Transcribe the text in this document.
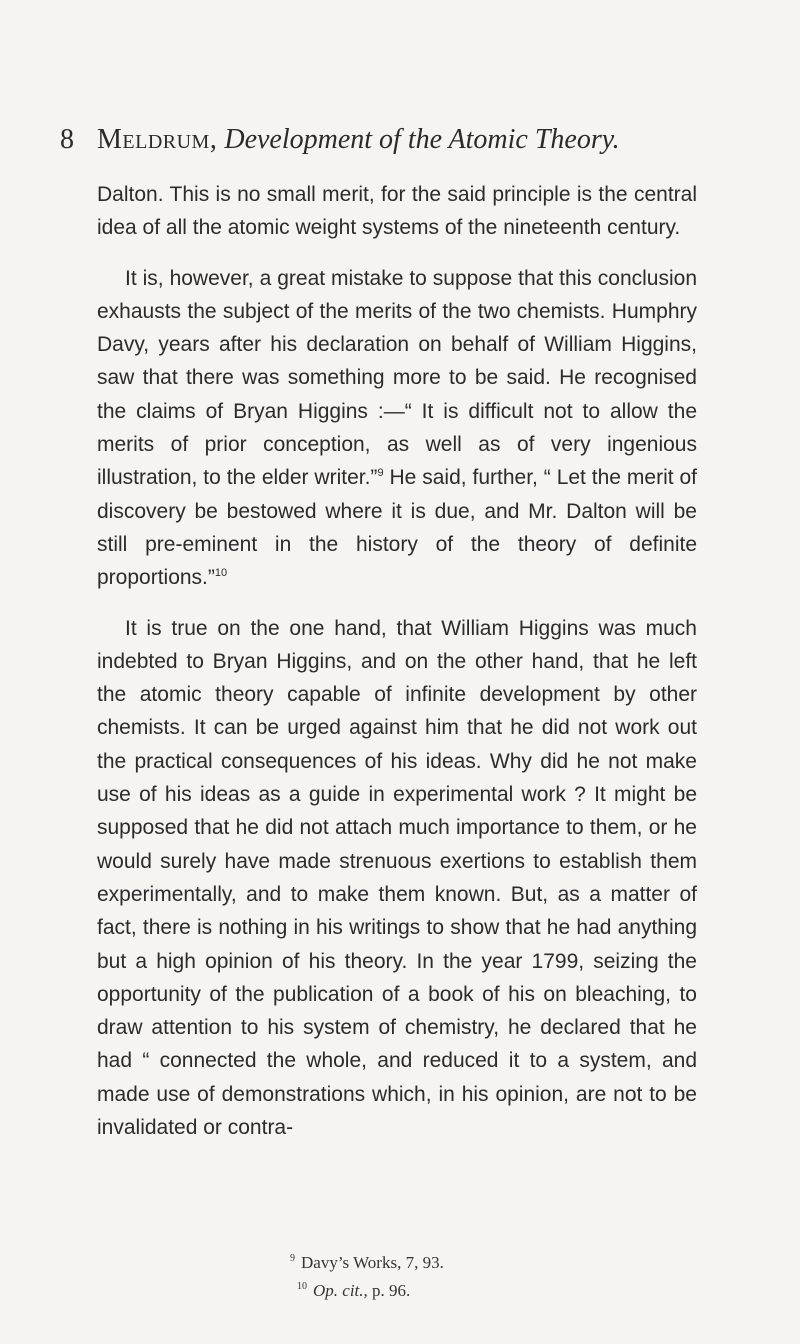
8 Meldrum, Development of the Atomic Theory.

Dalton. This is no small merit, for the said principle is the central idea of all the atomic weight systems of the nineteenth century.

It is, however, a great mistake to suppose that this conclusion exhausts the subject of the merits of the two chemists. Humphry Davy, years after his declaration on behalf of William Higgins, saw that there was something more to be said. He recognised the claims of Bryan Higgins :—“ It is difficult not to allow the merits of prior conception, as well as of very ingenious illustration, to the elder writer.”$^9$ He said, further, “ Let the merit of discovery be bestowed where it is due, and Mr. Dalton will be still pre-eminent in the history of the theory of definite proportions.”$^{10}$

It is true on the one hand, that William Higgins was much indebted to Bryan Higgins, and on the other hand, that he left the atomic theory capable of infinite development by other chemists. It can be urged against him that he did not work out the practical consequences of his ideas. Why did he not make use of his ideas as a guide in experimental work ? It might be supposed that he did not attach much importance to them, or he would surely have made strenuous exertions to establish them experimentally, and to make them known. But, as a matter of fact, there is nothing in his writings to show that he had anything but a high opinion of his theory. In the year 1799, seizing the opportunity of the publication of a book of his on bleaching, to draw attention to his system of chemistry, he declared that he had “ connected the whole, and reduced it to a system, and made use of demonstrations which, in his opinion, are not to be invalidated or contra-

$^9$ Davy’s Works, 7, 93.
$^{10}$ Op. cit., p. 96.
